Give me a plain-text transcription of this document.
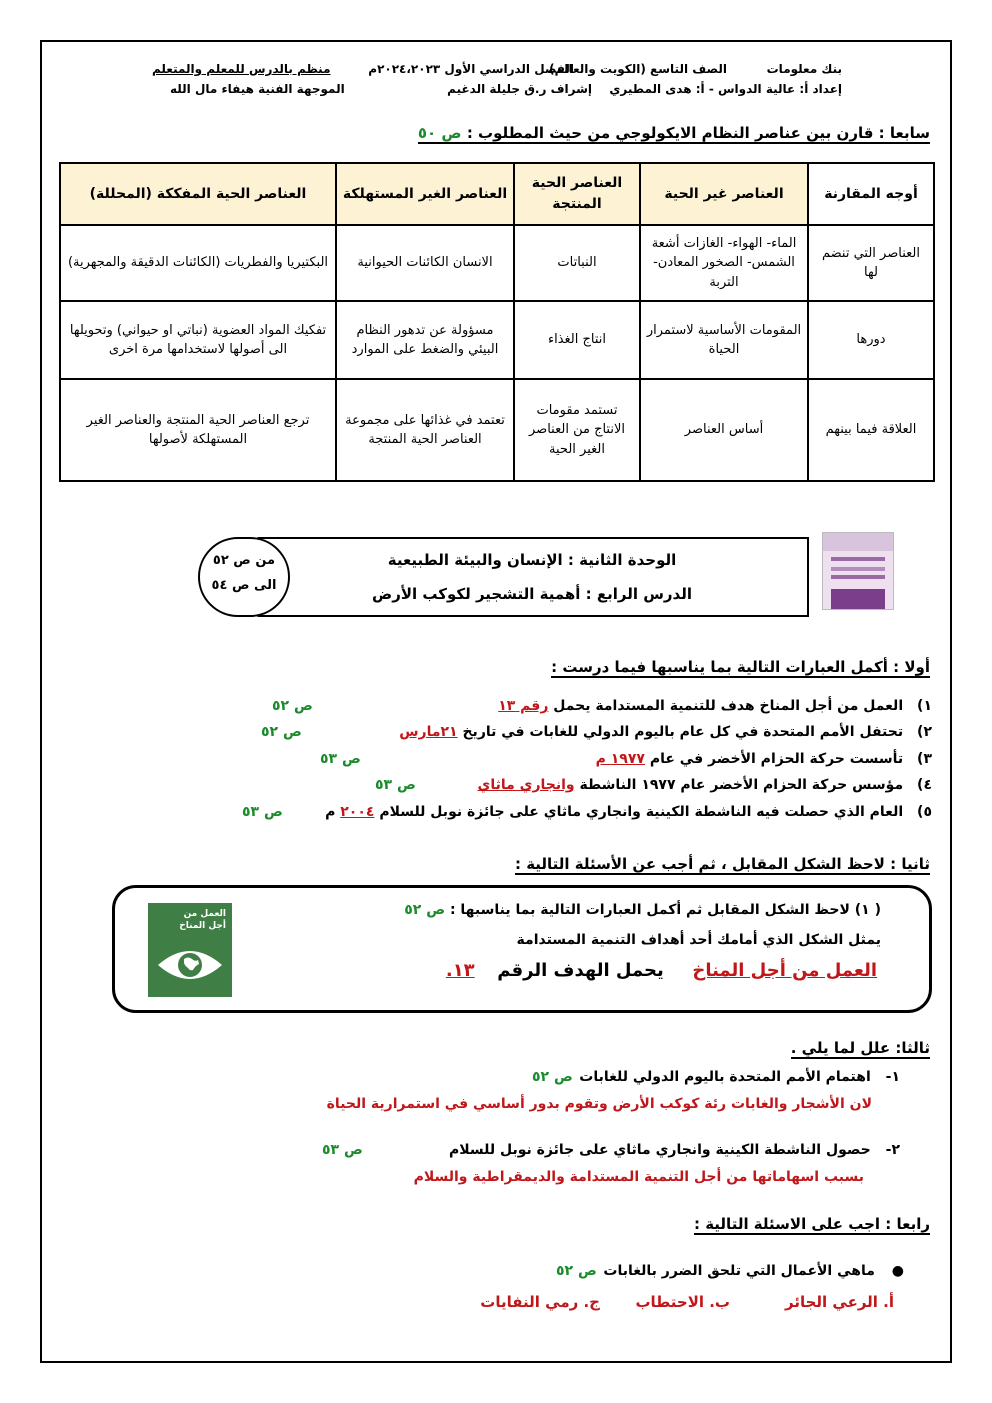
بنك معلومات
الصف التاسع (الكويت والعالم)
الفصل الدراسي الأول ٢٠٢٤،٢٠٢٣م
منظم بالدرس للمعلم والمتعلم
إعداد أ: عالية الدواس - أ: هدى المطيري
إشراف ر.ق جليلة الدغيم
الموجهة الفنية هيفاء مال الله
سابعا : قارن بين عناصر النظام الايكولوجي من حيث المطلوب : ص ٥٠
أوجه المقارنة	العناصر غير الحية	العناصر الحية المنتجة	العناصر الغير المستهلكة	العناصر الحية المفككة (المحللة)
العناصر التي تنضم لها	الماء- الهواء- الغازات أشعة الشمس- الصخور المعادن- التربة	النباتات	الانسان الكائنات الحيوانية	البكتيريا والفطريات (الكائنات الدقيقة والمجهرية)
دورها	المقومات الأساسية لاستمرار الحياة	انتاج الغذاء	مسؤولة عن تدهور النظام البيئي والضغط على الموارد	تفكيك المواد العضوية (نباتي او حيواني) وتحويلها الى أصولها لاستخدامها مرة اخرى
العلاقة فيما بينهم	أساس العناصر	تستمد مقومات الانتاج من العناصر الغير الحية	تعتمد في غذائها على مجموعة العناصر الحية المنتجة	ترجع العناصر الحية المنتجة والعناصر الغير المستهلكة لأصولها
الوحدة الثانية : الإنسان والبيئة الطبيعية
الدرس الرابع : أهمية التشجير لكوكب الأرض
من ص ٥٢
الى ص ٥٤
أولا : أكمل العبارات التالية بما يناسبها فيما درست :
١) العمل من أجل المناخ هدف للتنمية المستدامة يحمل رقم ١٣
ص ٥٢
٢) تحتفل الأمم المتحدة في كل عام باليوم الدولي للغابات في تاريخ ٢١مارس
ص ٥٢
٣) تأسست حركة الحزام الأخضر في عام ١٩٧٧ م
ص ٥٣
٤) مؤسس حركة الحزام الأخضر عام ١٩٧٧ الناشطة وانجاري ماثاي
ص ٥٣
٥) العام الذي حصلت فيه الناشطة الكينية وانجاري ماثاي على جائزة نوبل للسلام ٢٠٠٤ م
ص ٥٣
ثانيا : لاحظ الشكل المقابل ، ثم أجب عن الأسئلة التالية :
( ١) لاحظ الشكل المقابل ثم أكمل العبارات التالية بما يناسبها : ص ٥٢
يمثل الشكل الذي أمامك أحد أهداف التنمية المستدامة
العمل من أجل المناخ  يحمل الهدف الرقم  ١٣.
العمل من أجل المناخ
ثالثا: علل لما يلي .
١- اهتمام الأمم المتحدة باليوم الدولي للغابات
ص ٥٢
لان الأشجار والغابات رئة كوكب الأرض وتقوم بدور أساسي في استمرارية الحياة
٢- حصول الناشطة الكينية وانجاري ماثاي على جائزة نوبل للسلام
ص ٥٣
بسبب اسهاماتها من أجل التنمية المستدامة والديمقراطية والسلام
رابعا : اجب على الاسئلة التالية :
● ماهي الأعمال التي تلحق الضرر بالغابات
ص ٥٢
أ. الرعي الجائر
ب. الاحتطاب
ج. رمي النفايات
